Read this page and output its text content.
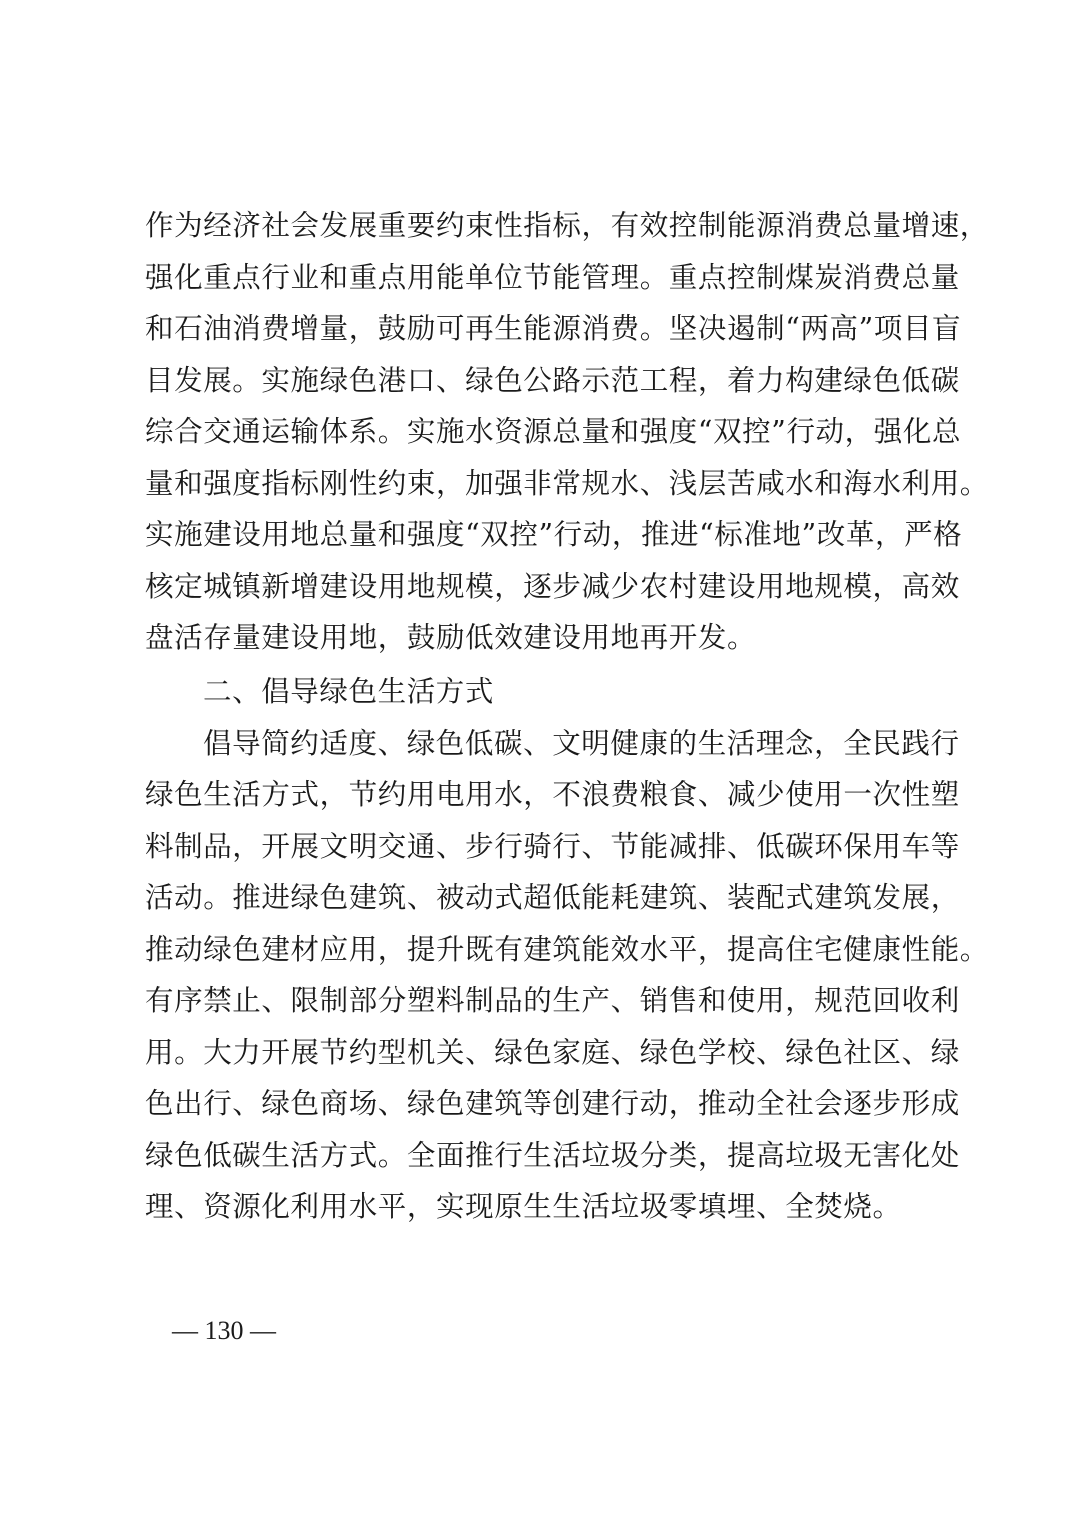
作为经济社会发展重要约束性指标，有效控制能源消费总量增速，
强化重点行业和重点用能单位节能管理。重点控制煤炭消费总量
和石油消费增量，鼓励可再生能源消费。坚决遏制“两高”项目盲
目发展。实施绿色港口、绿色公路示范工程，着力构建绿色低碳
综合交通运输体系。实施水资源总量和强度“双控”行动，强化总
量和强度指标刚性约束，加强非常规水、浅层苦咸水和海水利用。
实施建设用地总量和强度“双控”行动，推进“标准地”改革，严格
核定城镇新增建设用地规模，逐步减少农村建设用地规模，高效
盘活存量建设用地，鼓励低效建设用地再开发。
二、倡导绿色生活方式
倡导简约适度、绿色低碳、文明健康的生活理念，全民践行
绿色生活方式，节约用电用水，不浪费粮食、减少使用一次性塑
料制品，开展文明交通、步行骑行、节能减排、低碳环保用车等
活动。推进绿色建筑、被动式超低能耗建筑、装配式建筑发展，
推动绿色建材应用，提升既有建筑能效水平，提高住宅健康性能。
有序禁止、限制部分塑料制品的生产、销售和使用，规范回收利
用。大力开展节约型机关、绿色家庭、绿色学校、绿色社区、绿
色出行、绿色商场、绿色建筑等创建行动，推动全社会逐步形成
绿色低碳生活方式。全面推行生活垃圾分类，提高垃圾无害化处
理、资源化利用水平，实现原生生活垃圾零填埋、全焚烧。
— 130 —
